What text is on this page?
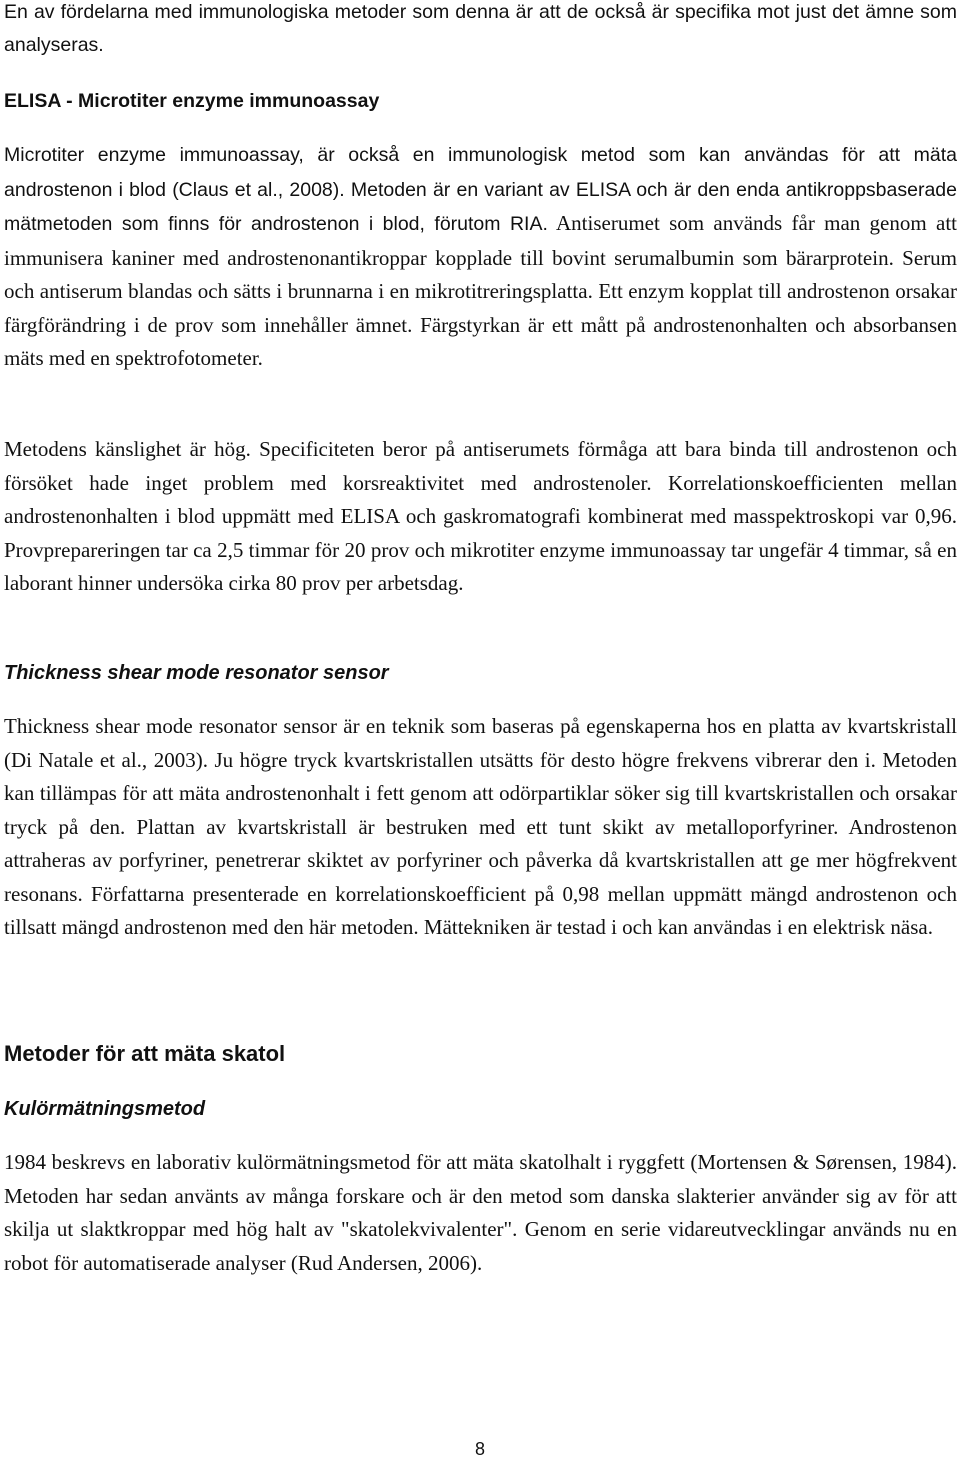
En av fördelarna med immunologiska metoder som denna är att de också är specifika mot just det ämne som analyseras.

ELISA - Microtiter enzyme immunoassay

Microtiter enzyme immunoassay, är också en immunologisk metod som kan användas för att mäta androstenon i blod (Claus et al., 2008). Metoden är en variant av ELISA och är den enda antikroppsbaserade mätmetoden som finns för androstenon i blod, förutom RIA. Antiserumet som används får man genom att immunisera kaniner med androstenonantikroppar kopplade till bovint serumalbumin som bärarprotein. Serum och antiserum blandas och sätts i brunnarna i en mikrotitreringsplatta. Ett enzym kopplat till androstenon orsakar färgförändring i de prov som innehåller ämnet. Färgstyrkan är ett mått på androstenonhalten och absorbansen mäts med en spektrofotometer.

Metodens känslighet är hög. Specificiteten beror på antiserumets förmåga att bara binda till androstenon och försöket hade inget problem med korsreaktivitet med androstenoler. Korrelationskoefficienten mellan androstenonhalten i blod uppmätt med ELISA och gaskromatografi kombinerat med masspektroskopi var 0,96. Provprepareringen tar ca 2,5 timmar för 20 prov och mikrotiter enzyme immunoassay tar ungefär 4 timmar, så en laborant hinner undersöka cirka 80 prov per arbetsdag.

Thickness shear mode resonator sensor

Thickness shear mode resonator sensor är en teknik som baseras på egenskaperna hos en platta av kvartskristall (Di Natale et al., 2003). Ju högre tryck kvartskristallen utsätts för desto högre frekvens vibrerar den i. Metoden kan tillämpas för att mäta androstenonhalt i fett genom att odörpartiklar söker sig till kvartskristallen och orsakar tryck på den. Plattan av kvartskristall är bestruken med ett tunt skikt av metalloporfyriner. Androstenon attraheras av porfyriner, penetrerar skiktet av porfyriner och påverka då kvartskristallen att ge mer högfrekvent resonans. Författarna presenterade en korrelationskoefficient på 0,98 mellan uppmätt mängd androstenon och tillsatt mängd androstenon med den här metoden. Mättekniken är testad i och kan användas i en elektrisk näsa.

Metoder för att mäta skatol
Kulörmätningsmetod

1984 beskrevs en laborativ kulörmätningsmetod för att mäta skatolhalt i ryggfett (Mortensen & Sørensen, 1984). Metoden har sedan använts av många forskare och är den metod som danska slakterier använder sig av för att skilja ut slaktkroppar med hög halt av "skatolekvivalenter". Genom en serie vidareutvecklingar används nu en robot för automatiserade analyser (Rud Andersen, 2006).

8
